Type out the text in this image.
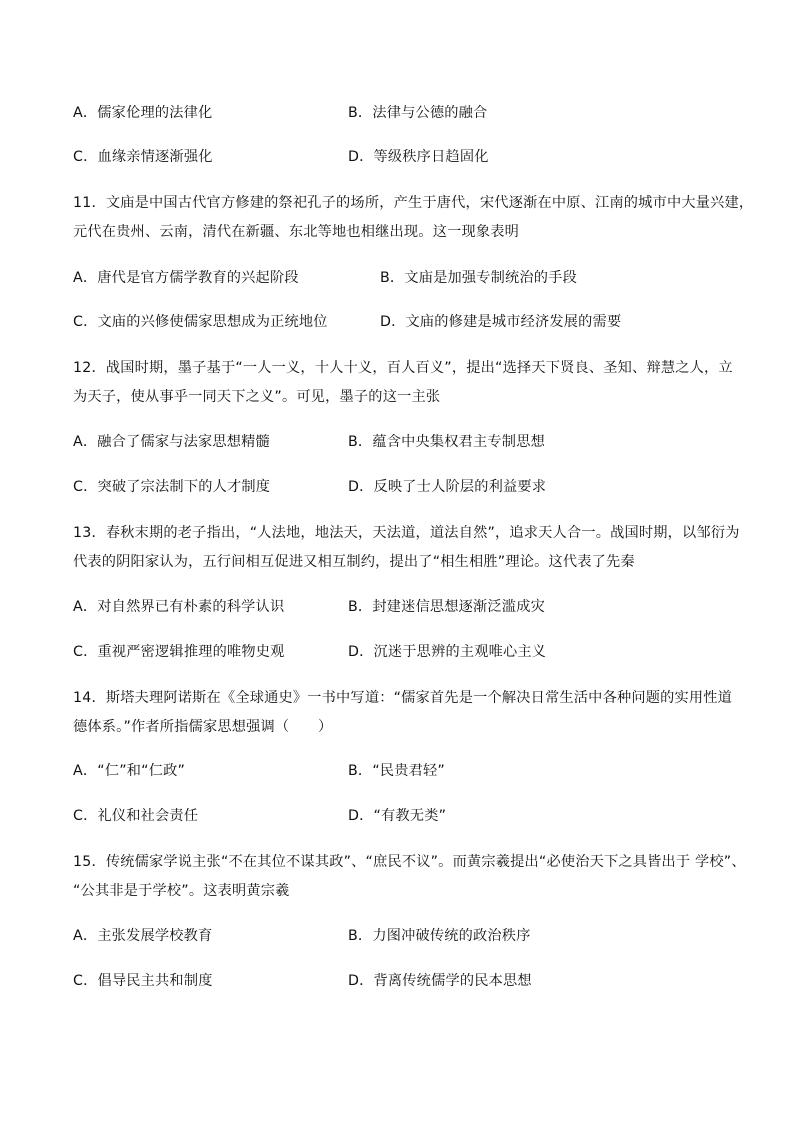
A．儒家伦理的法律化	B．法律与公德的融合
C．血缘亲情逐渐强化	D．等级秩序日趋固化
11．文庙是中国古代官方修建的祭祀孔子的场所，产生于唐代，宋代逐渐在中原、江南的城市中大量兴建，
元代在贵州、云南，清代在新疆、东北等地也相继出现。这一现象表明
A．唐代是官方儒学教育的兴起阶段	B．文庙是加强专制统治的手段
C．文庙的兴修使儒家思想成为正统地位	D．文庙的修建是城市经济发展的需要
12．战国时期，墨子基于“一人一义，十人十义，百人百义”，提出“选择天下贤良、圣知、辩慧之人，立
为天子，使从事乎一同天下之义”。可见，墨子的这一主张
A．融合了儒家与法家思想精髓	B．蕴含中央集权君主专制思想
C．突破了宗法制下的人才制度	D．反映了士人阶层的利益要求
13．春秋末期的老子指出，“人法地，地法天，天法道，道法自然”，追求天人合一。战国时期，以邹衍为
代表的阴阳家认为，五行间相互促进又相互制约，提出了“相生相胜”理论。这代表了先秦
A．对自然界已有朴素的科学认识	B．封建迷信思想逐渐泛滥成灾
C．重视严密逻辑推理的唯物史观	D．沉迷于思辨的主观唯心主义
14．斯塔夫理阿诺斯在《全球通史》一书中写道：“儒家首先是一个解决日常生活中各种问题的实用性道
德体系。”作者所指儒家思想强调（　　）
A．“仁”和“仁政”	B．“民贵君轻”
C．礼仪和社会责任	D．“有教无类”
15．传统儒家学说主张“不在其位不谋其政”、“庶民不议”。而黄宗羲提出“必使治天下之具皆出于 学校”、
“公其非是于学校”。这表明黄宗羲
A．主张发展学校教育	B．力图冲破传统的政治秩序
C．倡导民主共和制度	D．背离传统儒学的民本思想
